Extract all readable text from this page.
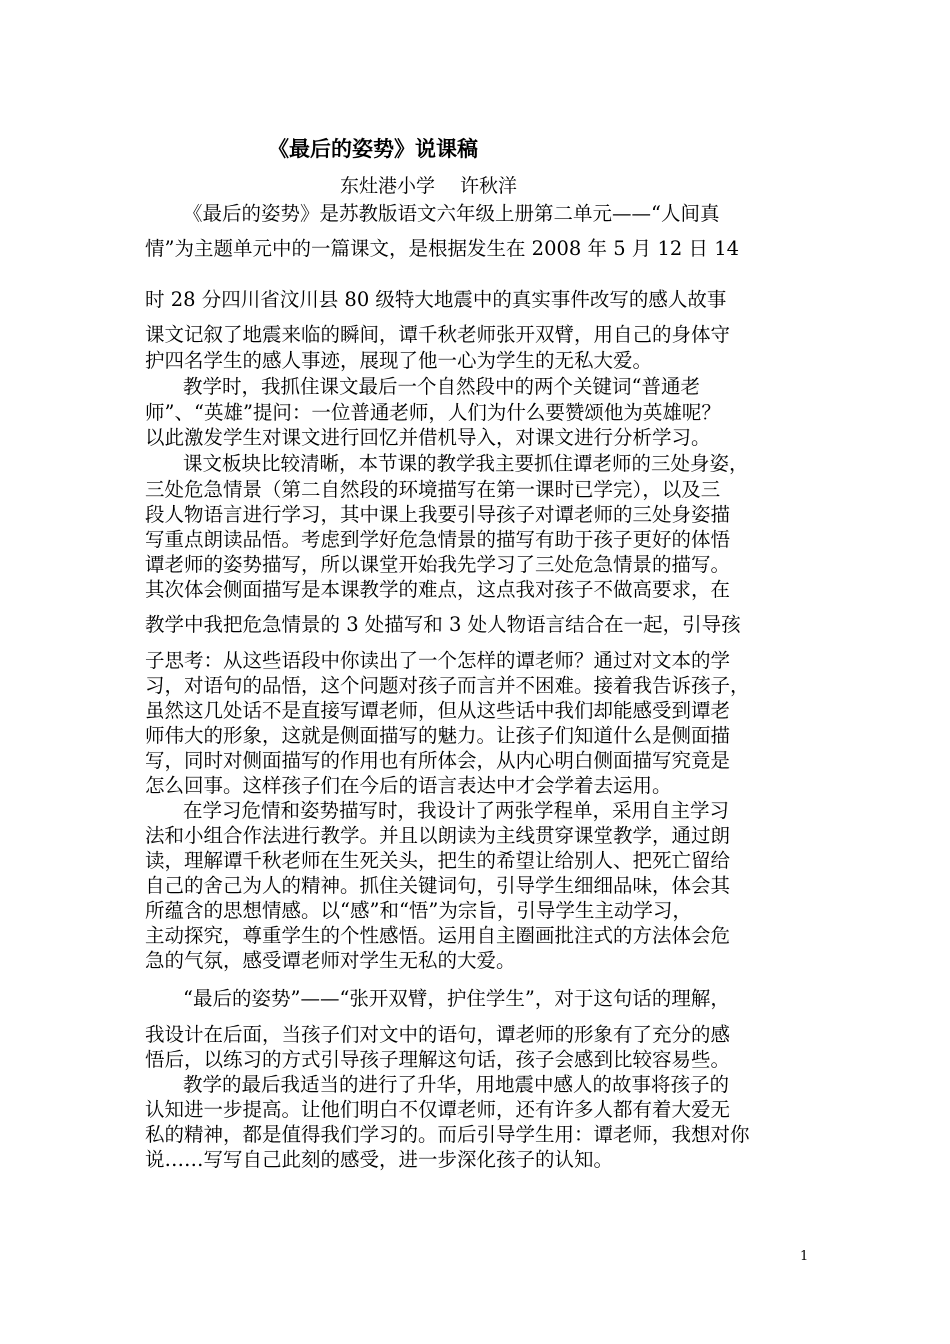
《最后的姿势》说课稿
东灶港小学　 许秋洋
《最后的姿势》是苏教版语文六年级上册第二单元——“人间真
情”为主题单元中的一篇课文，是根据发生在 2008 年 5 月 12 日 14
时 28 分四川省汶川县 80 级特大地震中的真实事件改写的感人故事
课文记叙了地震来临的瞬间，谭千秋老师张开双臂，用自己的身体守
护四名学生的感人事迹，展现了他一心为学生的无私大爱。
教学时，我抓住课文最后一个自然段中的两个关键词“普通老
师”、“英雄”提问：一位普通老师，人们为什么要赞颂他为英雄呢？
以此激发学生对课文进行回忆并借机导入，对课文进行分析学习。
课文板块比较清晰，本节课的教学我主要抓住谭老师的三处身姿，
三处危急情景（第二自然段的环境描写在第一课时已学完），以及三
段人物语言进行学习，其中课上我要引导孩子对谭老师的三处身姿描
写重点朗读品悟。考虑到学好危急情景的描写有助于孩子更好的体悟
谭老师的姿势描写，所以课堂开始我先学习了三处危急情景的描写。
其次体会侧面描写是本课教学的难点，这点我对孩子不做高要求，在
教学中我把危急情景的 3 处描写和 3 处人物语言结合在一起，引导孩
子思考：从这些语段中你读出了一个怎样的谭老师？通过对文本的学
习，对语句的品悟，这个问题对孩子而言并不困难。接着我告诉孩子，
虽然这几处话不是直接写谭老师，但从这些话中我们却能感受到谭老
师伟大的形象，这就是侧面描写的魅力。让孩子们知道什么是侧面描
写，同时对侧面描写的作用也有所体会，从内心明白侧面描写究竟是
怎么回事。这样孩子们在今后的语言表达中才会学着去运用。
在学习危情和姿势描写时，我设计了两张学程单，采用自主学习
法和小组合作法进行教学。并且以朗读为主线贯穿课堂教学，通过朗
读，理解谭千秋老师在生死关头，把生的希望让给别人、把死亡留给
自己的舍己为人的精神。抓住关键词句，引导学生细细品味，体会其
所蕴含的思想情感。以“感”和“悟”为宗旨，引导学生主动学习，
主动探究，尊重学生的个性感悟。运用自主圈画批注式的方法体会危
急的气氛，感受谭老师对学生无私的大爱。
“最后的姿势”——“张开双臂，护住学生”，对于这句话的理解，
我设计在后面，当孩子们对文中的语句，谭老师的形象有了充分的感
悟后，以练习的方式引导孩子理解这句话，孩子会感到比较容易些。
教学的最后我适当的进行了升华，用地震中感人的故事将孩子的
认知进一步提高。让他们明白不仅谭老师，还有许多人都有着大爱无
私的精神，都是值得我们学习的。而后引导学生用：谭老师，我想对你
说……写写自己此刻的感受，进一步深化孩子的认知。
1
